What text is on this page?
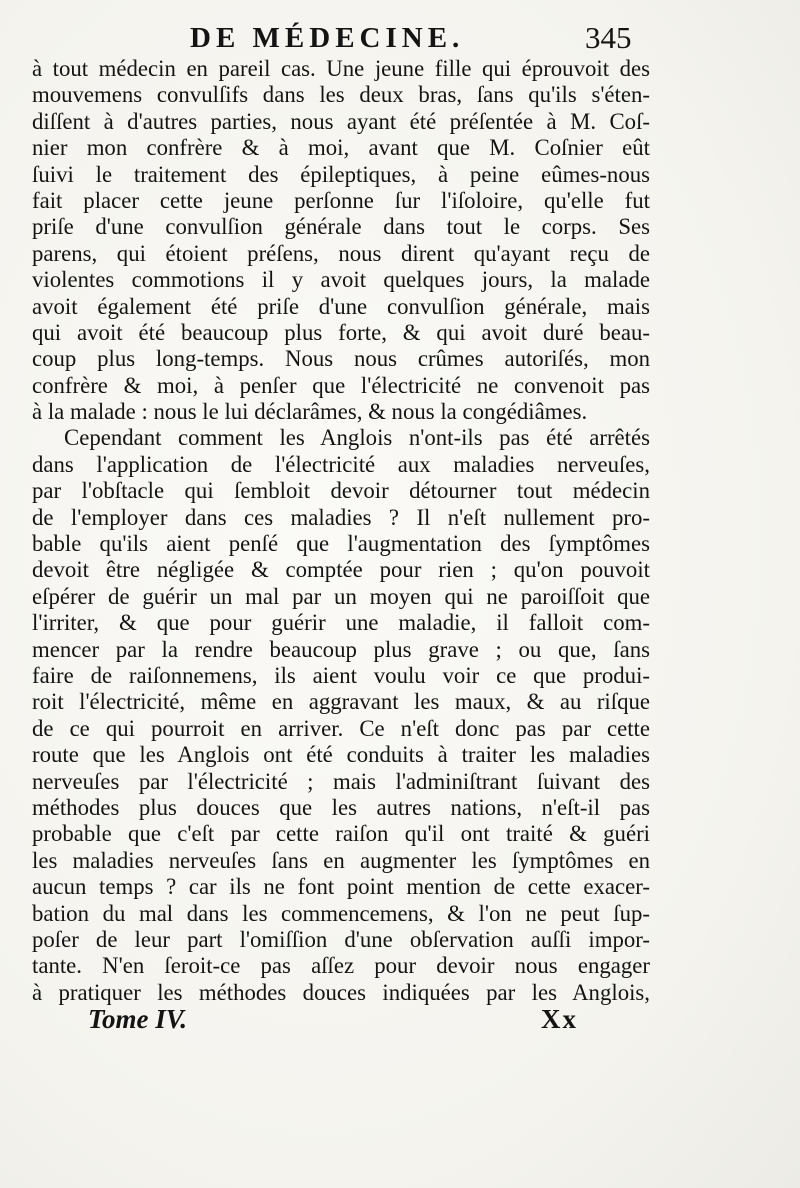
DE MÉDECINE.	345
à tout médecin en pareil cas. Une jeune fille qui éprouvoit des
mouvemens convulſifs dans les deux bras, ſans qu'ils s'éten-
diſſent à d'autres parties, nous ayant été préſentée à M. Coſ-
nier mon confrère & à moi, avant que M. Coſnier eût
ſuivi le traitement des épileptiques, à peine eûmes-nous
fait placer cette jeune perſonne ſur l'iſoloire, qu'elle fut
priſe d'une convulſion générale dans tout le corps. Ses
parens, qui étoient préſens, nous dirent qu'ayant reçu de
violentes commotions il y avoit quelques jours, la malade
avoit également été priſe d'une convulſion générale, mais
qui avoit été beaucoup plus forte, & qui avoit duré beau-
coup plus long-temps. Nous nous crûmes autoriſés, mon
confrère & moi, à penſer que l'électricité ne convenoit pas
à la malade : nous le lui déclarâmes, & nous la congédiâmes.
Cependant comment les Anglois n'ont-ils pas été arrêtés
dans l'application de l'électricité aux maladies nerveuſes,
par l'obſtacle qui ſembloit devoir détourner tout médecin
de l'employer dans ces maladies ? Il n'eſt nullement pro-
bable qu'ils aient penſé que l'augmentation des ſymptômes
devoit être négligée & comptée pour rien ; qu'on pouvoit
eſpérer de guérir un mal par un moyen qui ne paroiſſoit que
l'irriter, & que pour guérir une maladie, il falloit com-
mencer par la rendre beaucoup plus grave ; ou que, ſans
faire de raiſonnemens, ils aient voulu voir ce que produi-
roit l'électricité, même en aggravant les maux, & au riſque
de ce qui pourroit en arriver. Ce n'eſt donc pas par cette
route que les Anglois ont été conduits à traiter les maladies
nerveuſes par l'électricité ; mais l'adminiſtrant ſuivant des
méthodes plus douces que les autres nations, n'eſt-il pas
probable que c'eſt par cette raiſon qu'il ont traité & guéri
les maladies nerveuſes ſans en augmenter les ſymptômes en
aucun temps ? car ils ne font point mention de cette exacer-
bation du mal dans les commencemens, & l'on ne peut ſup-
poſer de leur part l'omiſſion d'une obſervation auſſi impor-
tante. N'en ſeroit-ce pas aſſez pour devoir nous engager
à pratiquer les méthodes douces indiquées par les Anglois,
Tome IV.	Xx
